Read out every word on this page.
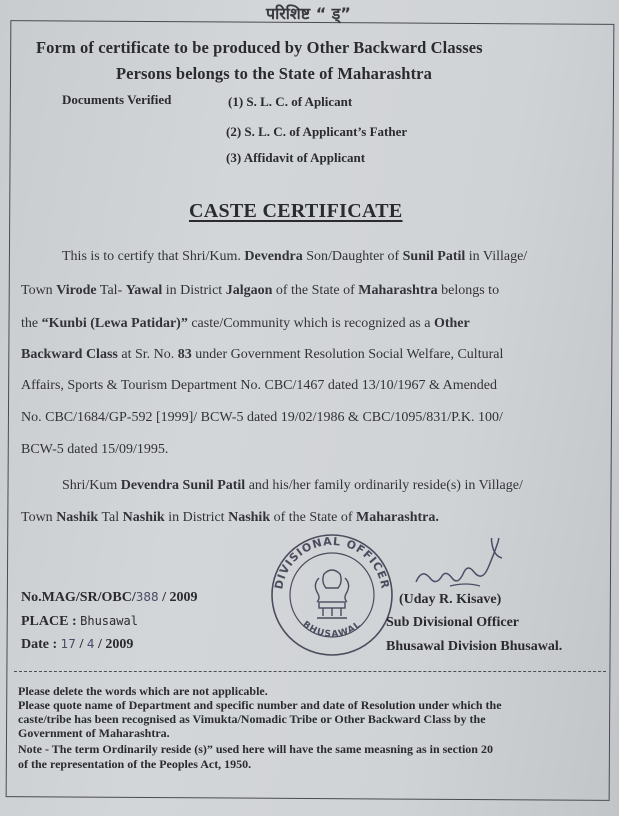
परिशिष्ट “ ड्”
Form of certificate to be produced by Other Backward Classes
Persons belongs to the State of Maharashtra
Documents Verified	(1) S. L. C. of Aplicant
(2) S. L. C. of Applicant’s Father
(3) Affidavit of Applicant
CASTE CERTIFICATE
This is to certify that Shri/Kum. Devendra Son/Daughter of Sunil Patil in Village/
Town Virode Tal- Yawal in District Jalgaon of the State of Maharashtra belongs to
the “Kunbi (Lewa Patidar)” caste/Community which is recognized as a Other
Backward Class at Sr. No. 83 under Government Resolution Social Welfare, Cultural
Affairs, Sports & Tourism Department No. CBC/1467 dated 13/10/1967 & Amended
No. CBC/1684/GP-592 [1999]/ BCW-5 dated 19/02/1986 & CBC/1095/831/P.K. 100/
BCW-5 dated 15/09/1995.
Shri/Kum Devendra Sunil Patil and his/her family ordinarily reside(s) in Village/
Town Nashik Tal Nashik in District Nashik of the State of Maharashtra.
DIVISIONAL OFFICER
BHUSAWAL
No.MAG/SR/OBC/388 / 2009
PLACE : Bhusawal
Date : 17 / 4 / 2009
(Uday R. Kisave)
Sub Divisional Officer
Bhusawal Division Bhusawal.
Please delete the words which are not applicable.
Please quote name of Department and specific number and date of Resolution under which the
caste/tribe has been recognised as Vimukta/Nomadic Tribe or Other Backward Class by the
Government of Maharashtra.
Note - The term Ordinarily reside (s)” used here will have the same measning as in section 20
of the representation of the Peoples Act, 1950.
